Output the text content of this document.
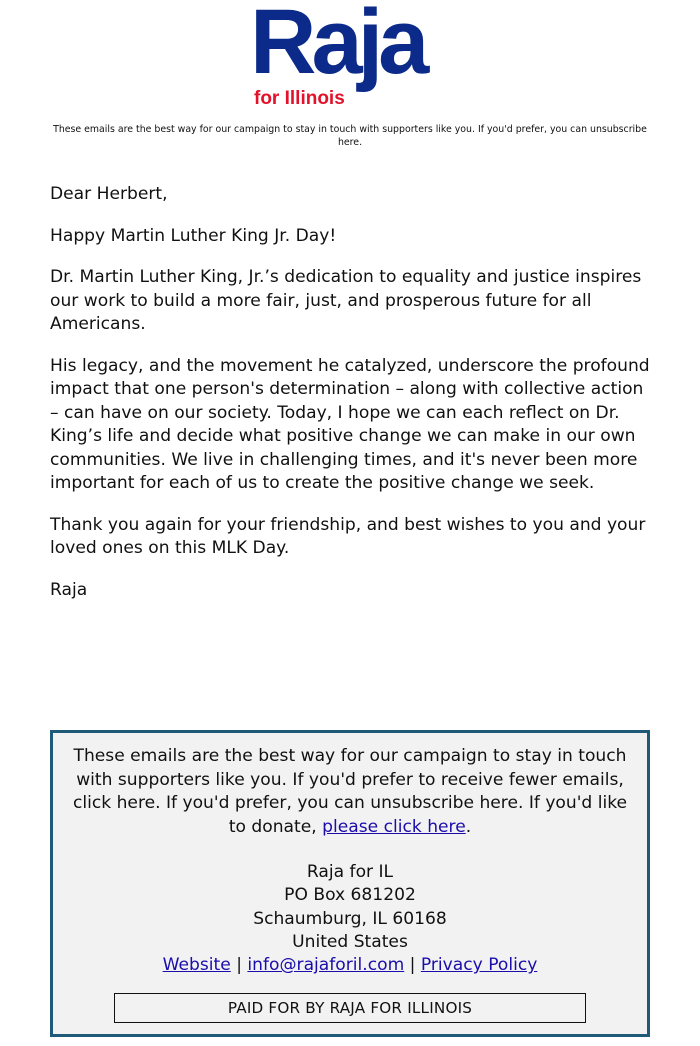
Raja
for Illinois
These emails are the best way for our campaign to stay in touch with supporters like you. If you'd prefer, you can unsubscribe here.

Dear Herbert,

Happy Martin Luther King Jr. Day!

Dr. Martin Luther King, Jr.’s dedication to equality and justice inspires our work to build a more fair, just, and prosperous future for all Americans.

His legacy, and the movement he catalyzed, underscore the profound impact that one person's determination – along with collective action – can have on our society. Today, I hope we can each reflect on Dr. King’s life and decide what positive change we can make in our own communities. We live in challenging times, and it's never been more important for each of us to create the positive change we seek.

Thank you again for your friendship, and best wishes to you and your loved ones on this MLK Day.

Raja

These emails are the best way for our campaign to stay in touch with supporters like you. If you'd prefer to receive fewer emails, click here. If you'd prefer, you can unsubscribe here. If you'd like to donate, please click here.
Raja for IL
PO Box 681202
Schaumburg, IL 60168
United States
Website | info@rajaforil.com | Privacy Policy
PAID FOR BY RAJA FOR ILLINOIS
